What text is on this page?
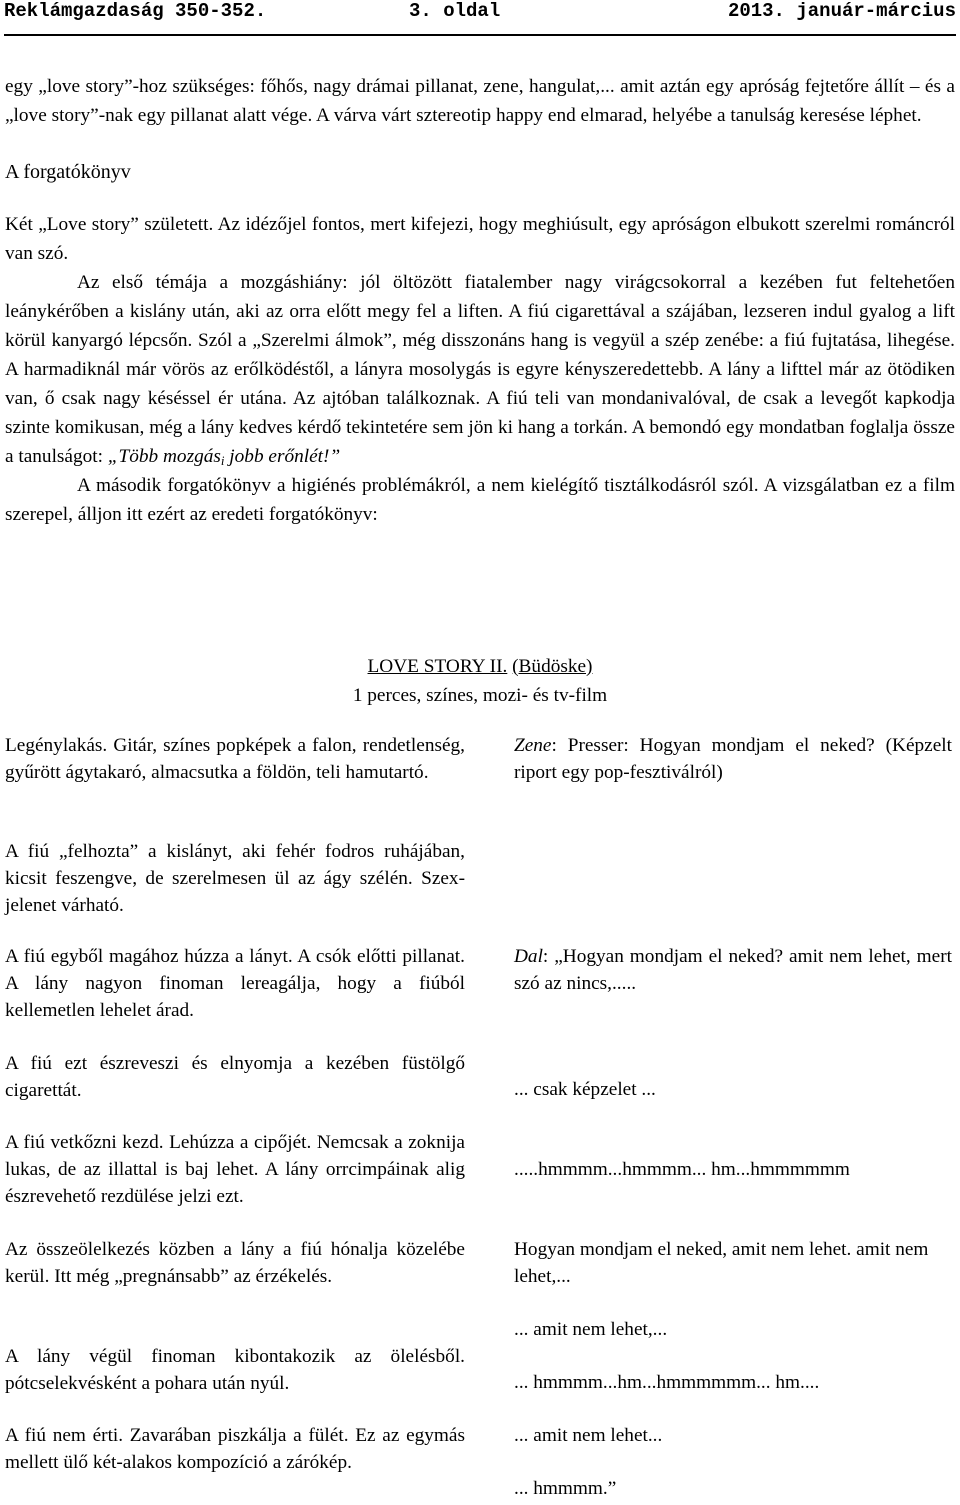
Reklámgazdaság 350-352.	3. oldal	2013. január-március

egy „love story”-hoz szükséges: főhős, nagy drámai pillanat, zene, hangulat,... amit aztán egy apróság fejtetőre állít – és a „love story”-nak egy pillanat alatt vége. A várva várt sztereotip happy end elmarad, helyébe a tanulság keresése léphet.

A forgatókönyv

Két „Love story” született. Az idézőjel fontos, mert kifejezi, hogy meghiúsult, egy apróságon elbukott szerelmi románcról van szó.

Az első témája a mozgáshiány: jól öltözött fiatalember nagy virágcsokorral a kezében fut feltehetően leánykérőben a kislány után, aki az orra előtt megy fel a liften. A fiú cigarettával a szájában, lezseren indul gyalog a lift körül kanyargó lépcsőn. Szól a „Szerelmi álmok”, még disszonáns hang is vegyül a szép zenébe: a fiú fujtatása, lihegése. A harmadiknál már vörös az erőlködéstől, a lányra mosolygás is egyre kényszeredettebb. A lány a lifttel már az ötödiken van, ő csak nagy késéssel ér utána. Az ajtóban találkoznak. A fiú teli van mondanivalóval, de csak a levegőt kapkodja szinte komikusan, még a lány kedves kérdő tekintetére sem jön ki hang a torkán. A bemondó egy mondatban foglalja össze a tanulságot: „Több mozgás$_i$ jobb erőnlét!”

A második forgatókönyv a higiénés problémákról, a nem kielégítő tisztálkodásról szól. A vizsgálatban ez a film szerepel, álljon itt ezért az eredeti forgatókönyv:

LOVE STORY II. (Büdöske)
1 perces, színes, mozi- és tv-film
Legénylakás. Gitár, színes popképek a falon, rendetlenség, gyűrött ágytakaró, almacsutka a földön, teli hamutartó.
A fiú „felhozta” a kislányt, aki fehér fodros ruhájában, kicsit feszengve, de szerelmesen ül az ágy szélén. Szex-jelenet várható.
A fiú egyből magához húzza a lányt. A csók előtti pillanat. A lány nagyon finoman lereagálja, hogy a fiúból kellemetlen lehelet árad.
A fiú ezt észreveszi és elnyomja a kezében füstölgő cigarettát.
A fiú vetkőzni kezd. Lehúzza a cipőjét. Nemcsak a zoknija lukas, de az illattal is baj lehet. A lány orrcimpáinak alig észrevehető rezdülése jelzi ezt.
Az összeölelkezés közben a lány a fiú hónalja közelébe kerül. Itt még „pregnánsabb” az érzékelés.
A lány végül finoman kibontakozik az ölelésből. pótcselekvésként a pohara után nyúl.
A fiú nem érti. Zavarában piszkálja a fülét. Ez az egymás mellett ülő két-alakos kompozíció a zárókép.
Zene: Presser: Hogyan mondjam el neked? (Képzelt riport egy pop-fesztiválról)
Dal: „Hogyan mondjam el neked? amit nem lehet, mert szó az nincs,.....
... csak képzelet ...
.....hmmmm...hmmmm... hm...hmmmmmm
Hogyan mondjam el neked, amit nem lehet. amit nem lehet,...
... amit nem lehet,...
... hmmmm...hm...hmmmmmm... hm....
... amit nem lehet...
... hmmmm.”
